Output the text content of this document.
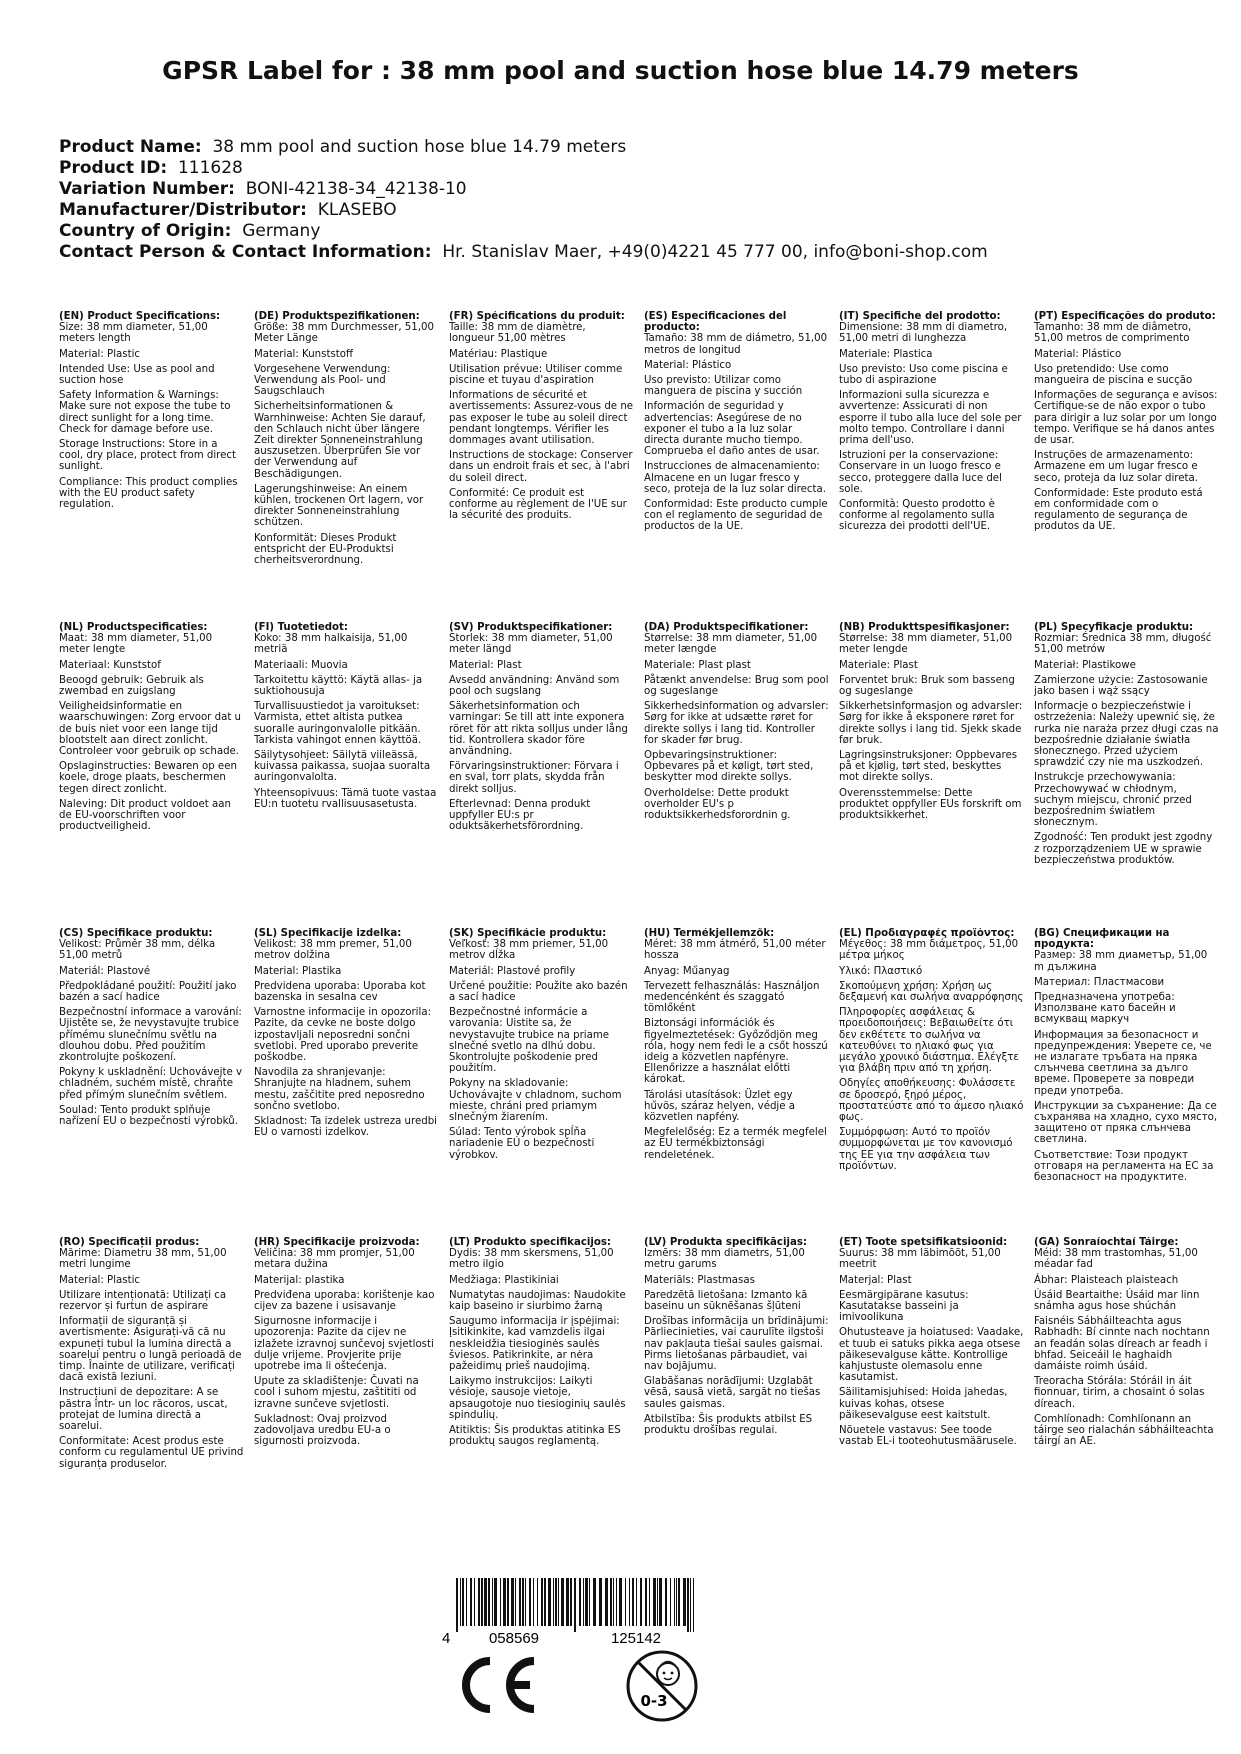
GPSR Label for : 38 mm pool and suction hose blue 14.79 meters
Product Name: 38 mm pool and suction hose blue 14.79 meters
Product ID: 111628
Variation Number: BONI-42138-34_42138-10
Manufacturer/Distributor: KLASEBO
Country of Origin: Germany
Contact Person & Contact Information: Hr. Stanislav Maer, +49(0)4221 45 777 00, info@boni-shop.com
(EN) Product Specifications:

Size: 38 mm diameter, 51,00 meters length

Material: Plastic

Intended Use: Use as pool and suction hose

Safety Information & Warnings: Make sure not expose the tube to direct sunlight for a long time. Check for damage before use.

Storage Instructions: Store in a cool, dry place, protect from direct sunlight.

Compliance: This product complies with the EU product safety regulation.

(DE) Produktspezifikationen:

Größe: 38 mm Durchmesser, 51,00 Meter Länge

Material: Kunststoff

Vorgesehene Verwendung: Verwendung als Pool- und Saugschlauch

Sicherheitsinformationen & Warnhinweise: Achten Sie darauf, den Schlauch nicht über längere Zeit direkter Sonneneinstrahlung auszusetzen. Überprüfen Sie vor der Verwendung auf Beschädigungen.

Lagerungshinweise: An einem kühlen, trockenen Ort lagern, vor direkter Sonneneinstrahlung schützen.

Konformität: Dieses Produkt entspricht der EU-Produktsi cherheitsverordnung.

(FR) Spécifications du produit:

Taille: 38 mm de diamètre, longueur 51,00 mètres

Matériau: Plastique

Utilisation prévue: Utiliser comme piscine et tuyau d'aspiration

Informations de sécurité et avertissements: Assurez-vous de ne pas exposer le tube au soleil direct pendant longtemps. Vérifier les dommages avant utilisation.

Instructions de stockage: Conserver dans un endroit frais et sec, à l'abri du soleil direct.

Conformité: Ce produit est conforme au règlement de l'UE sur la sécurité des produits.

(ES) Especificaciones del producto:

Tamaño: 38 mm de diámetro, 51,00 metros de longitud

Material: Plástico

Uso previsto: Utilizar como manguera de piscina y succión

Información de seguridad y advertencias: Asegúrese de no exponer el tubo a la luz solar directa durante mucho tiempo. Comprueba el daño antes de usar.

Instrucciones de almacenamiento: Almacene en un lugar fresco y seco, proteja de la luz solar directa.

Conformidad: Este producto cumple con el reglamento de seguridad de productos de la UE.

(IT) Specifiche del prodotto:

Dimensione: 38 mm di diametro, 51,00 metri di lunghezza

Materiale: Plastica

Uso previsto: Uso come piscina e tubo di aspirazione

Informazioni sulla sicurezza e avvertenze: Assicurati di non esporre il tubo alla luce del sole per molto tempo. Controllare i danni prima dell'uso.

Istruzioni per la conservazione: Conservare in un luogo fresco e secco, proteggere dalla luce del sole.

Conformità: Questo prodotto è conforme al regolamento sulla sicurezza dei prodotti dell'UE.

(PT) Especificações do produto:

Tamanho: 38 mm de diâmetro, 51,00 metros de comprimento

Material: Plástico

Uso pretendido: Use como mangueira de piscina e sucção

Informações de segurança e avisos: Certifique-se de não expor o tubo para dirigir a luz solar por um longo tempo. Verifique se há danos antes de usar.

Instruções de armazenamento: Armazene em um lugar fresco e seco, proteja da luz solar direta.

Conformidade: Este produto está em conformidade com o regulamento de segurança de produtos da UE.

(NL) Productspecificaties:

Maat: 38 mm diameter, 51,00 meter lengte

Materiaal: Kunststof

Beoogd gebruik: Gebruik als zwembad en zuigslang

Veiligheidsinformatie en waarschuwingen: Zorg ervoor dat u de buis niet voor een lange tijd blootstelt aan direct zonlicht. Controleer voor gebruik op schade.

Opslaginstructies: Bewaren op een koele, droge plaats, beschermen tegen direct zonlicht.

Naleving: Dit product voldoet aan de EU-voorschriften voor productveiligheid.

(FI) Tuotetiedot:

Koko: 38 mm halkaisija, 51,00 metriä

Materiaali: Muovia

Tarkoitettu käyttö: Käytä allas- ja suktiohousuja

Turvallisuustiedot ja varoitukset: Varmista, ettet altista putkea suoralle auringonvalolle pitkään. Tarkista vahingot ennen käyttöä.

Säilytysohjeet: Säilytä viileässä, kuivassa paikassa, suojaa suoralta auringonvalolta.

Yhteensopivuus: Tämä tuote vastaa EU:n tuotetu rvallisuusasetusta.

(SV) Produktspecifikationer:

Storlek: 38 mm diameter, 51,00 meter längd

Material: Plast

Avsedd användning: Använd som pool och sugslang

Säkerhetsinformation och varningar: Se till att inte exponera röret för att rikta solljus under lång tid. Kontrollera skador före användning.

Förvaringsinstruktioner: Förvara i en sval, torr plats, skydda från direkt solljus.

Efterlevnad: Denna produkt uppfyller EU:s pr oduktsäkerhetsförordning.

(DA) Produktspecifikationer:

Størrelse: 38 mm diameter, 51,00 meter længde

Materiale: Plast plast

Påtænkt anvendelse: Brug som pool og sugeslange

Sikkerhedsinformation og advarsler: Sørg for ikke at udsætte røret for direkte sollys i lang tid. Kontroller for skader før brug.

Opbevaringsinstruktioner: Opbevares på et køligt, tørt sted, beskytter mod direkte sollys.

Overholdelse: Dette produkt overholder EU's p roduktsikkerhedsforordnin g.

(NB) Produkttspesifikasjoner:

Størrelse: 38 mm diameter, 51,00 meter lengde

Materiale: Plast

Forventet bruk: Bruk som basseng og sugeslange

Sikkerhetsinformasjon og advarsler: Sørg for ikke å eksponere røret for direkte sollys i lang tid. Sjekk skade før bruk.

Lagringsinstruksjoner: Oppbevares på et kjølig, tørt sted, beskyttes mot direkte sollys.

Overensstemmelse: Dette produktet oppfyller EUs forskrift om produktsikkerhet.

(PL) Specyfikacje produktu:

Rozmiar: Średnica 38 mm, długość 51,00 metrów

Materiał: Plastikowe

Zamierzone użycie: Zastosowanie jako basen i wąż ssący

Informacje o bezpieczeństwie i ostrzeżenia: Należy upewnić się, że rurka nie naraża przez długi czas na bezpośrednie działanie światła słonecznego. Przed użyciem sprawdzić czy nie ma uszkodzeń.

Instrukcje przechowywania: Przechowywać w chłodnym, suchym miejscu, chronić przed bezpośrednim światłem słonecznym.

Zgodność: Ten produkt jest zgodny z rozporządzeniem UE w sprawie bezpieczeństwa produktów.

(CS) Specifikace produktu:

Velikost: Průměr 38 mm, délka 51,00 metrů

Materiál: Plastové

Předpokládané použití: Použití jako bazén a sací hadice

Bezpečnostní informace a varování: Ujistěte se, že nevystavujte trubice přímému slunečnímu světlu na dlouhou dobu. Před použitím zkontrolujte poškození.

Pokyny k uskladnění: Uchovávejte v chladném, suchém místě, chraňte před přímým slunečním světlem.

Soulad: Tento produkt splňuje nařízení EU o bezpečnosti výrobků.

(SL) Specifikacije izdelka:

Velikost: 38 mm premer, 51,00 metrov dolžina

Material: Plastika

Predvidena uporaba: Uporaba kot bazenska in sesalna cev

Varnostne informacije in opozorila: Pazite, da cevke ne boste dolgo izpostavljali neposredni sončni svetlobi. Pred uporabo preverite poškodbe.

Navodila za shranjevanje: Shranjujte na hladnem, suhem mestu, zaščitite pred neposredno sončno svetlobo.

Skladnost: Ta izdelek ustreza uredbi EU o varnosti izdelkov.

(SK) Špecifikácie produktu:

Veľkosť: 38 mm priemer, 51,00 metrov dĺžka

Materiál: Plastové profily

Určené použitie: Použite ako bazén a sací hadice

Bezpečnostné informácie a varovania: Uistite sa, že nevystavujte trubice na priame slnečné svetlo na dlhú dobu. Skontrolujte poškodenie pred použitím.

Pokyny na skladovanie: Uchovávajte v chladnom, suchom mieste, chráni pred priamym slnečným žiarením.

Súlad: Tento výrobok spĺňa nariadenie EÚ o bezpečnosti výrobkov.

(HU) Termékjellemzők:

Méret: 38 mm átmérő, 51,00 méter hossza

Anyag: Műanyag

Tervezett felhasználás: Használjon medencénként és szaggató tömlőként

Biztonsági információk és figyelmeztetések: Győződjön meg róla, hogy nem fedi le a csőt hosszú ideig a közvetlen napfényre. Ellenőrizze a használat előtti károkat.

Tárolási utasítások: Üzlet egy hűvös, száraz helyen, védje a közvetlen napfény.

Megfelelőség: Ez a termék megfelel az EU termékbiztonsági rendeletének.

(EL) Προδιαγραφές προϊόντος:

Μέγεθος: 38 mm διάμετρος, 51,00 μέτρα μήκος

Υλικό: Πλαστικό

Σκοπούμενη χρήση: Χρήση ως δεξαμενή και σωλήνα αναρρόφησης

Πληροφορίες ασφάλειας & προειδοποιήσεις: Βεβαιωθείτε ότι δεν εκθέτετε το σωλήνα να κατευθύνει το ηλιακό φως για μεγάλο χρονικό διάστημα. Ελέγξτε για βλάβη πριν από τη χρήση.

Οδηγίες αποθήκευσης: Φυλάσσετε σε δροσερό, ξηρό μέρος, προστατεύστε από το άμεσο ηλιακό φως.

Συμμόρφωση: Αυτό το προϊόν συμμορφώνεται με τον κανονισμό της ΕΕ για την ασφάλεια των προϊόντων.

(BG) Спецификации на продукта:

Размер: 38 mm диаметър, 51,00 m дължина

Материал: Пластмасови

Предназначена употреба: Използване като басейн и всмукващ маркуч

Информация за безопасност и предупреждения: Уверете се, че не излагате тръбата на пряка слънчева светлина за дълго време. Проверете за повреди преди употреба.

Инструкции за съхранение: Да се съхранява на хладно, сухо място, защитено от пряка слънчева светлина.

Съответствие: Този продукт отговаря на регламента на ЕС за безопасност на продуктите.

(RO) Specificații produs:

Mărime: Diametru 38 mm, 51,00 metri lungime

Material: Plastic

Utilizare intenționată: Utilizați ca rezervor și furtun de aspirare

Informații de siguranță și avertismente: Asigurați-vă că nu expuneți tubul la lumina directă a soarelui pentru o lungă perioadă de timp. Înainte de utilizare, verificați dacă există leziuni.

Instrucțiuni de depozitare: A se păstra într- un loc răcoros, uscat, protejat de lumina directă a soarelui.

Conformitate: Acest produs este conform cu regulamentul UE privind siguranța produselor.

(HR) Specifikacije proizvoda:

Veličina: 38 mm promjer, 51,00 metara dužina

Materijal: plastika

Predviđena uporaba: korištenje kao cijev za bazene i usisavanje

Sigurnosne informacije i upozorenja: Pazite da cijev ne izlažete izravnoj sunčevoj svjetlosti dulje vrijeme. Provjerite prije upotrebe ima li oštećenja.

Upute za skladištenje: Čuvati na cool i suhom mjestu, zaštititi od izravne sunčeve svjetlosti.

Sukladnost: Ovaj proizvod zadovoljava uredbu EU-a o sigurnosti proizvoda.

(LT) Produkto specifikacijos:

Dydis: 38 mm skersmens, 51,00 metro ilgio

Medžiaga: Plastikiniai

Numatytas naudojimas: Naudokite kaip baseino ir siurbimo žarną

Saugumo informacija ir įspėjimai: Įsitikinkite, kad vamzdelis ilgai neskleidžia tiesioginės saulės šviesos. Patikrinkite, ar nėra pažeidimų prieš naudojimą.

Laikymo instrukcijos: Laikyti vėsioje, sausoje vietoje, apsaugotoje nuo tiesioginių saulės spindulių.

Atitiktis: Šis produktas atitinka ES produktų saugos reglamentą.

(LV) Produkta specifikācijas:

Izmērs: 38 mm diametrs, 51,00 metru garums

Materiāls: Plastmasas

Paredzētā lietošana: Izmanto kā baseinu un sūknēšanas šļūteni

Drošības informācija un brīdinājumi: Pārliecinieties, vai caurulīte ilgstoši nav pakļauta tiešai saules gaismai. Pirms lietošanas pārbaudiet, vai nav bojājumu.

Glabāšanas norādījumi: Uzglabāt vēsā, sausā vietā, sargāt no tiešas saules gaismas.

Atbilstība: Šis produkts atbilst ES produktu drošības regulai.

(ET) Toote spetsifikatsioonid:

Suurus: 38 mm läbimõõt, 51,00 meetrit

Materjal: Plast

Eesmärgipärane kasutus: Kasutatakse basseini ja imivoolikuna

Ohutusteave ja hoiatused: Vaadake, et tuub ei satuks pikka aega otsese päikesevalguse kätte. Kontrollige kahjustuste olemasolu enne kasutamist.

Säilitamisjuhised: Hoida jahedas, kuivas kohas, otsese päikesevalguse eest kaitstult.

Nõuetele vastavus: See toode vastab EL-i tooteohutusmäärusele.

(GA) Sonraíochtaí Táirge:

Méid: 38 mm trastomhas, 51,00 méadar fad

Ábhar: Plaisteach plaisteach

Úsáid Beartaithe: Úsáid mar linn snámha agus hose shúchán

Faisnéis Sábháilteachta agus Rabhadh: Bí cinnte nach nochtann an feadán solas díreach ar feadh i bhfad. Seiceáil le haghaidh damáiste roimh úsáid.

Treoracha Stórála: Stóráil in áit fionnuar, tirim, a chosaint ó solas díreach.

Comhlíonadh: Comhlíonann an táirge seo rialachán sábháilteachta táirgí an AE.

4	058569	125142
0-3
